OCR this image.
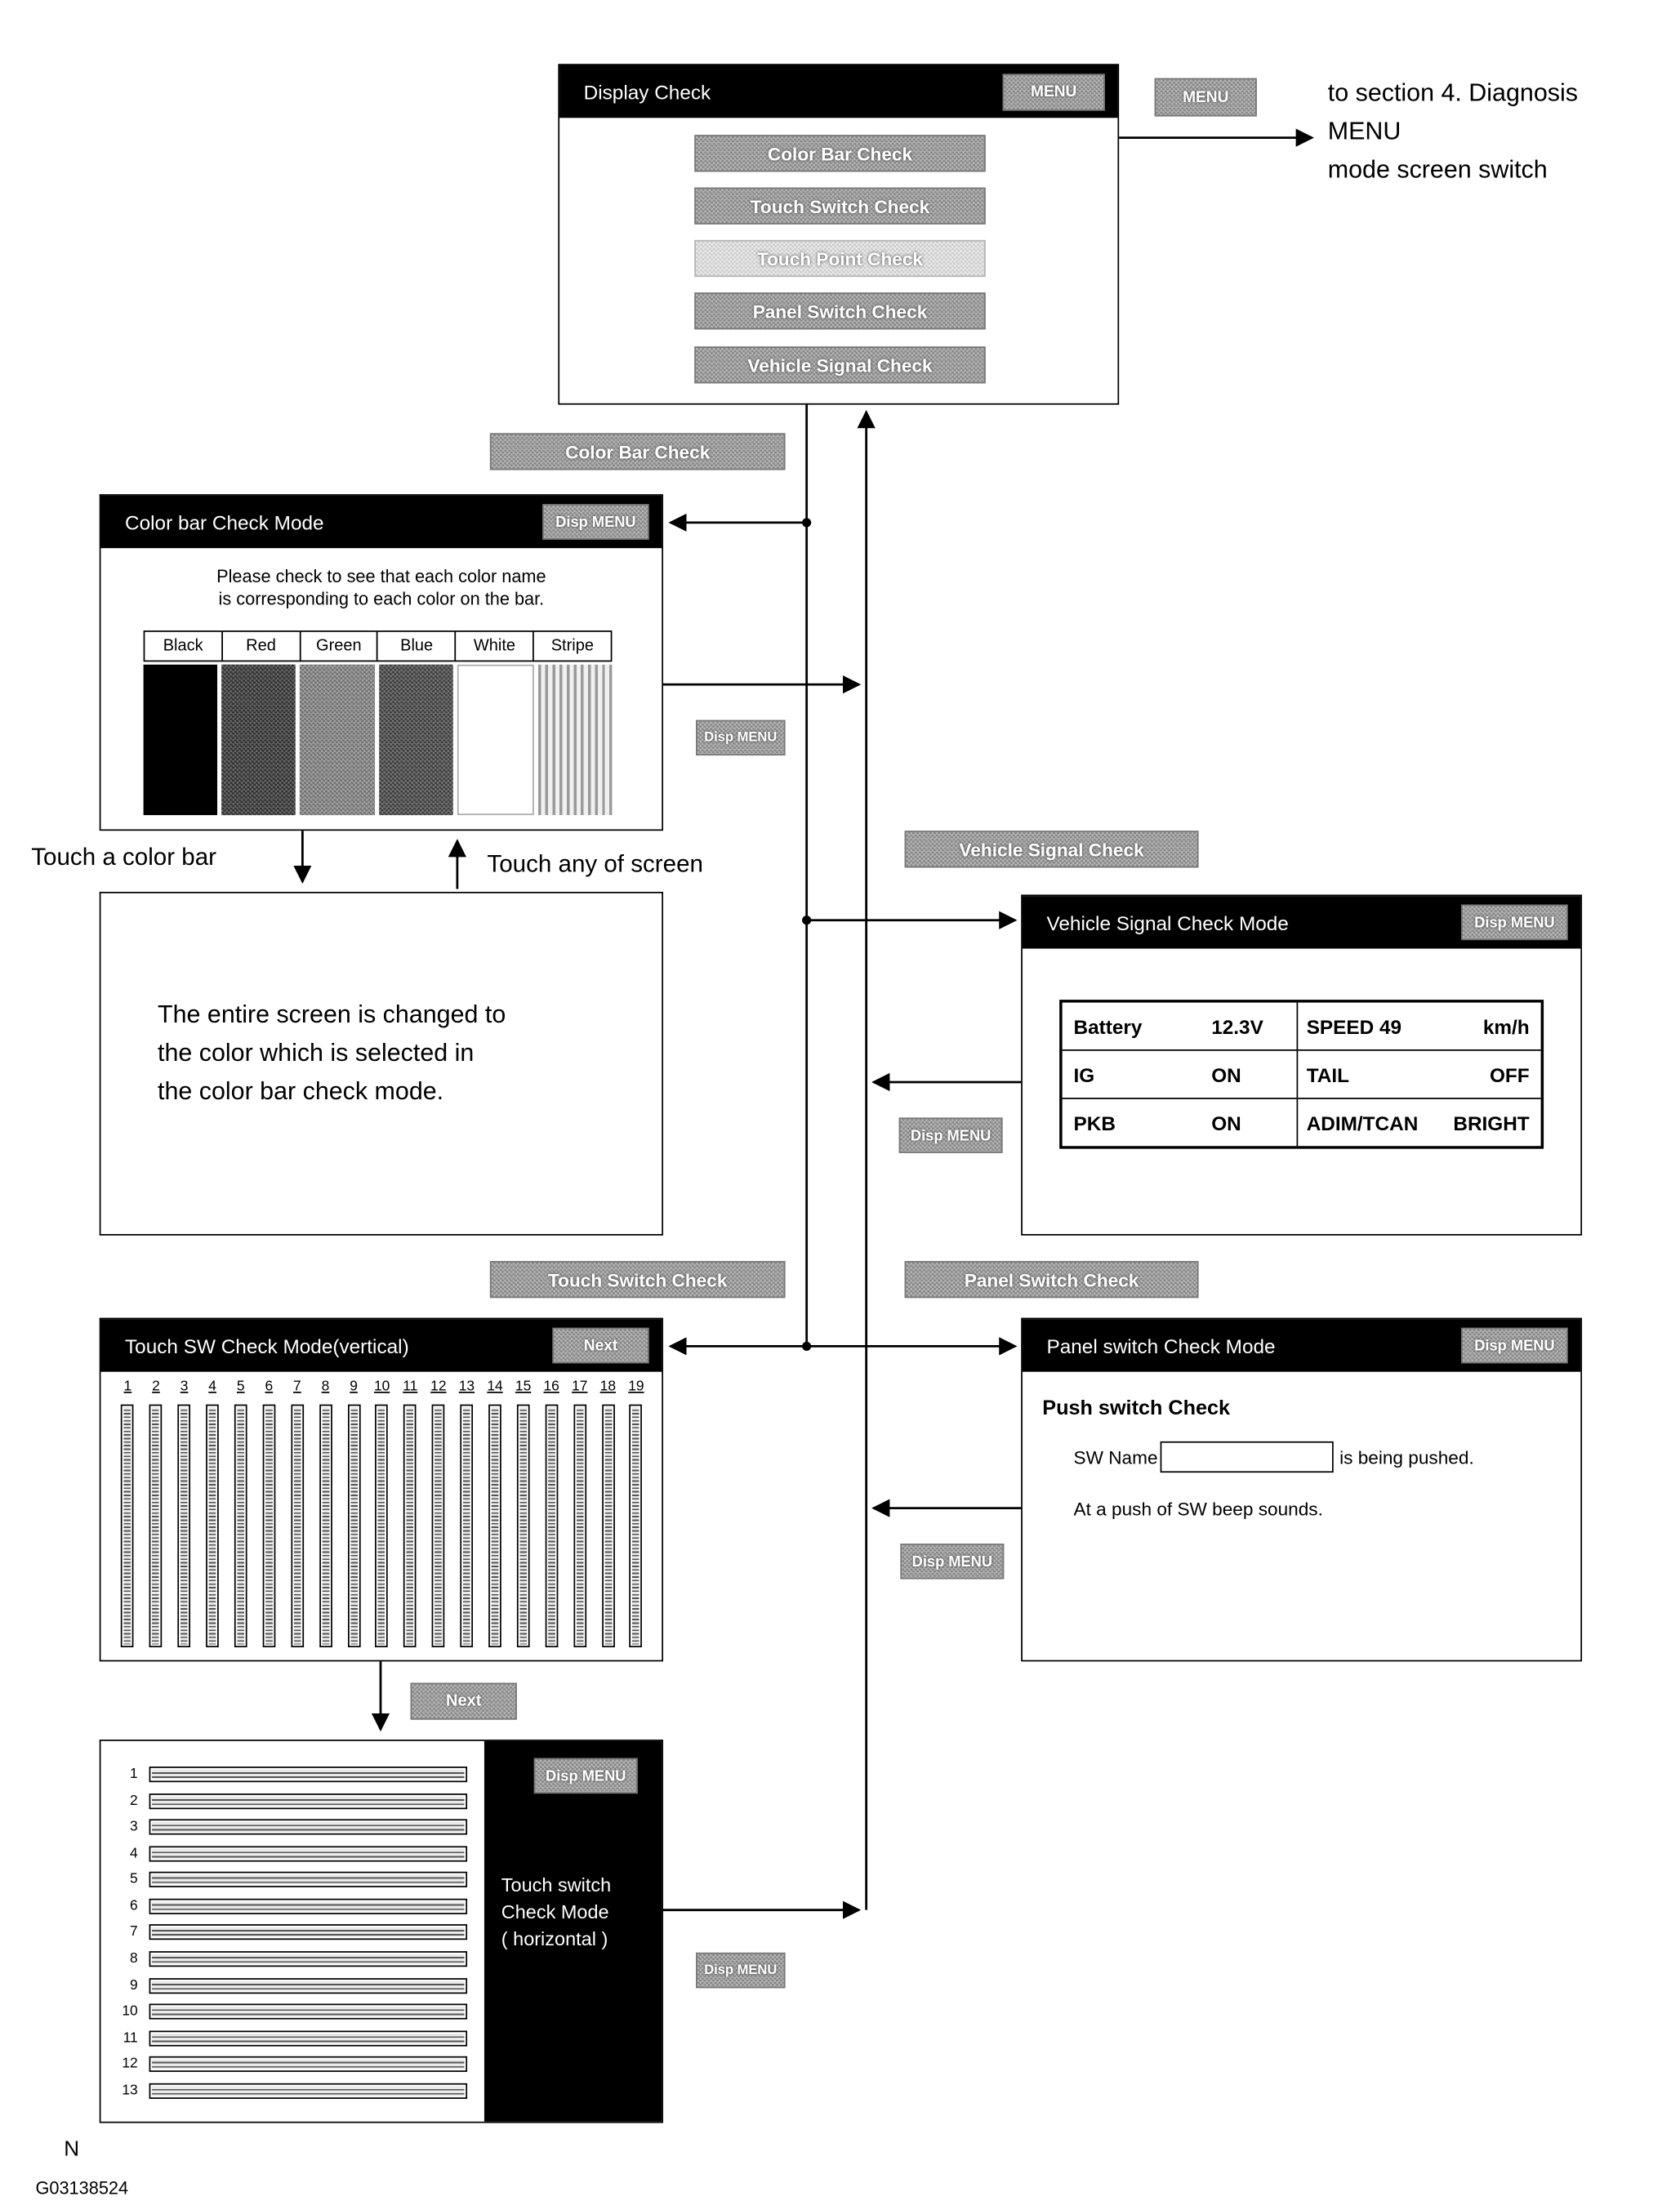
Display Check	MENU
Color Bar Check
Touch Switch Check
Touch Point Check
Panel Switch Check
Vehicle Signal Check
MENU	to section 4. Diagnosis
MENU
mode screen switch
Color Bar Check
Vehicle Signal Check
Touch Switch Check	Panel Switch Check
Color bar Check Mode	Disp MENU
Please check to see that each color name
is corresponding to each color on the bar.
Black	Red	Green	Blue	White	Stripe
Touch a color bar	Touch any of screen
The entire screen is changed to
the color which is selected in
the color bar check mode.
Vehicle Signal Check Mode	Disp MENU
Battery	12.3V	SPEED 49	km/h
IG	ON	TAIL	OFF
PKB	ON	ADIM/TCAN	BRIGHT
Touch SW Check Mode(vertical)	Next
1	2	3	4	5	6	7	8	9	10	11	12	13	14	15	16	17	18	19
Panel switch Check Mode	Disp MENU
Push switch Check
SW Name	is being pushed.
At a push of SW beep sounds.
Next
1
2
3
4
5
6
7
8
9
10
11
12
13
Disp MENU
Touch switch
Check Mode
( horizontal )
Disp MENU
Disp MENU
Disp MENU
Disp MENU
N
G03138524
